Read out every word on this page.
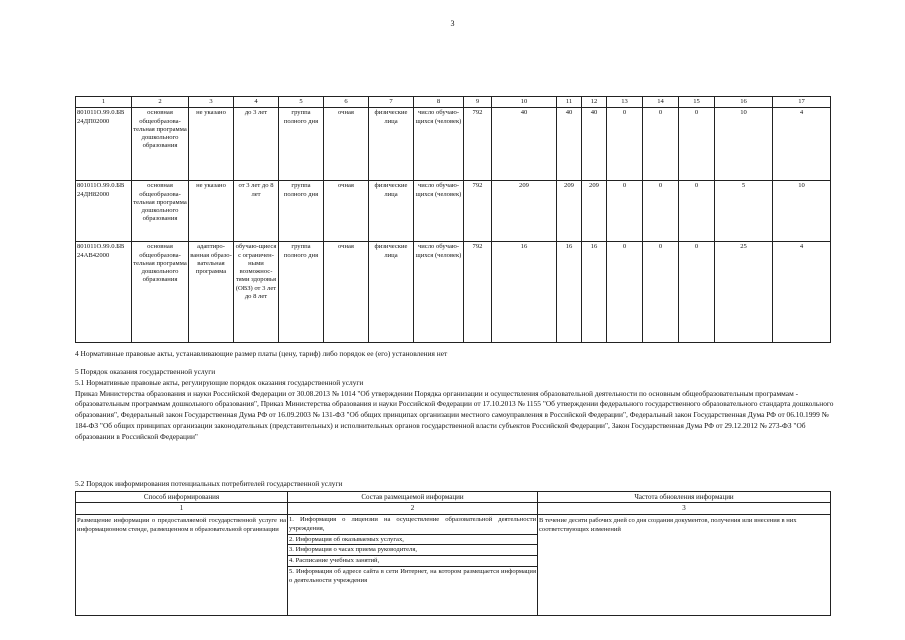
3
1	2	3	4	5	6	7	8	9	10	11	12	13	14	15	16	17
801011О.99.0.БВ 24ДП02000	основная общеобразова-тельная программа дошкольного образования	не указано	до 3 лет	группа полного дня	очная	физические лица	число обучаю-щихся (человек)	792	40	40	40	0	0	0	10	4
801011О.99.0.БВ 24ДН82000	основная общеобразова-тельная программа дошкольного образования	не указано	от 3 лет до 8 лет	группа полного дня	очная	физические лица	число обучаю-щихся (человек)	792	209	209	209	0	0	0	5	10
801011О.99.0.БВ 24АВ42000	основная общеобразова-тельная программа дошкольного образования	адаптиро-ванная образо-вательная программа	обучаю-щиеся с ограничен-ными возможнос-тями здоровья (ОВЗ) от 3 лет до 8 лет	группа полного дня	очная	физические лица	число обучаю-щихся (человек)	792	16	16	16	0	0	0	25	4

4 Нормативные правовые акты, устанавливающие размер платы (цену, тариф) либо порядок ее (его) установления нет

5 Порядок оказания государственной услуги

5.1 Нормативные правовые акты, регулирующие порядок оказания государственной услуги

Приказ Министерства образования и науки Российской Федерации от 30.08.2013 № 1014 "Об утверждении Порядка организации и осуществления образовательной деятельности по основным общеобразовательным программам - образовательным программам дошкольного образования", Приказ Министерства образования и науки Российской Федерации от 17.10.2013 № 1155 "Об утверждении федерального государственного образовательного стандарта дошкольного образования", Федеральный закон Государственная Дума РФ от 16.09.2003 № 131-ФЗ "Об общих принципах организации местного самоуправления в Российской Федерации", Федеральный закон Государственная Дума РФ от 06.10.1999 № 184-ФЗ "Об общих принципах организации законодательных (представительных) и исполнительных органов государственной власти субъектов Российской Федерации", Закон Государственная Дума РФ от 29.12.2012 № 273-ФЗ "Об образовании в Российской Федерации"

5.2 Порядок информирования потенциальных потребителей государственной услуги

Способ информирования	Состав размещаемой информации	Частота обновления информации
1	2	3
Размещение информации о предоставляемой государственной услуге на информационном стенде, размещенном в образовательной организации	1. Информация о лицензии на осуществление образовательной деятельности учреждения,
2. Информация об оказываемых услугах,
3. Информация о часах приема руководителя,
4. Расписание учебных занятий,
5. Информация об адресе сайта в сети Интернет, на котором размещается информация о деятельности учреждения	В течение десяти рабочих дней со дня создания документов, получения или внесения в них соответствующих изменений
